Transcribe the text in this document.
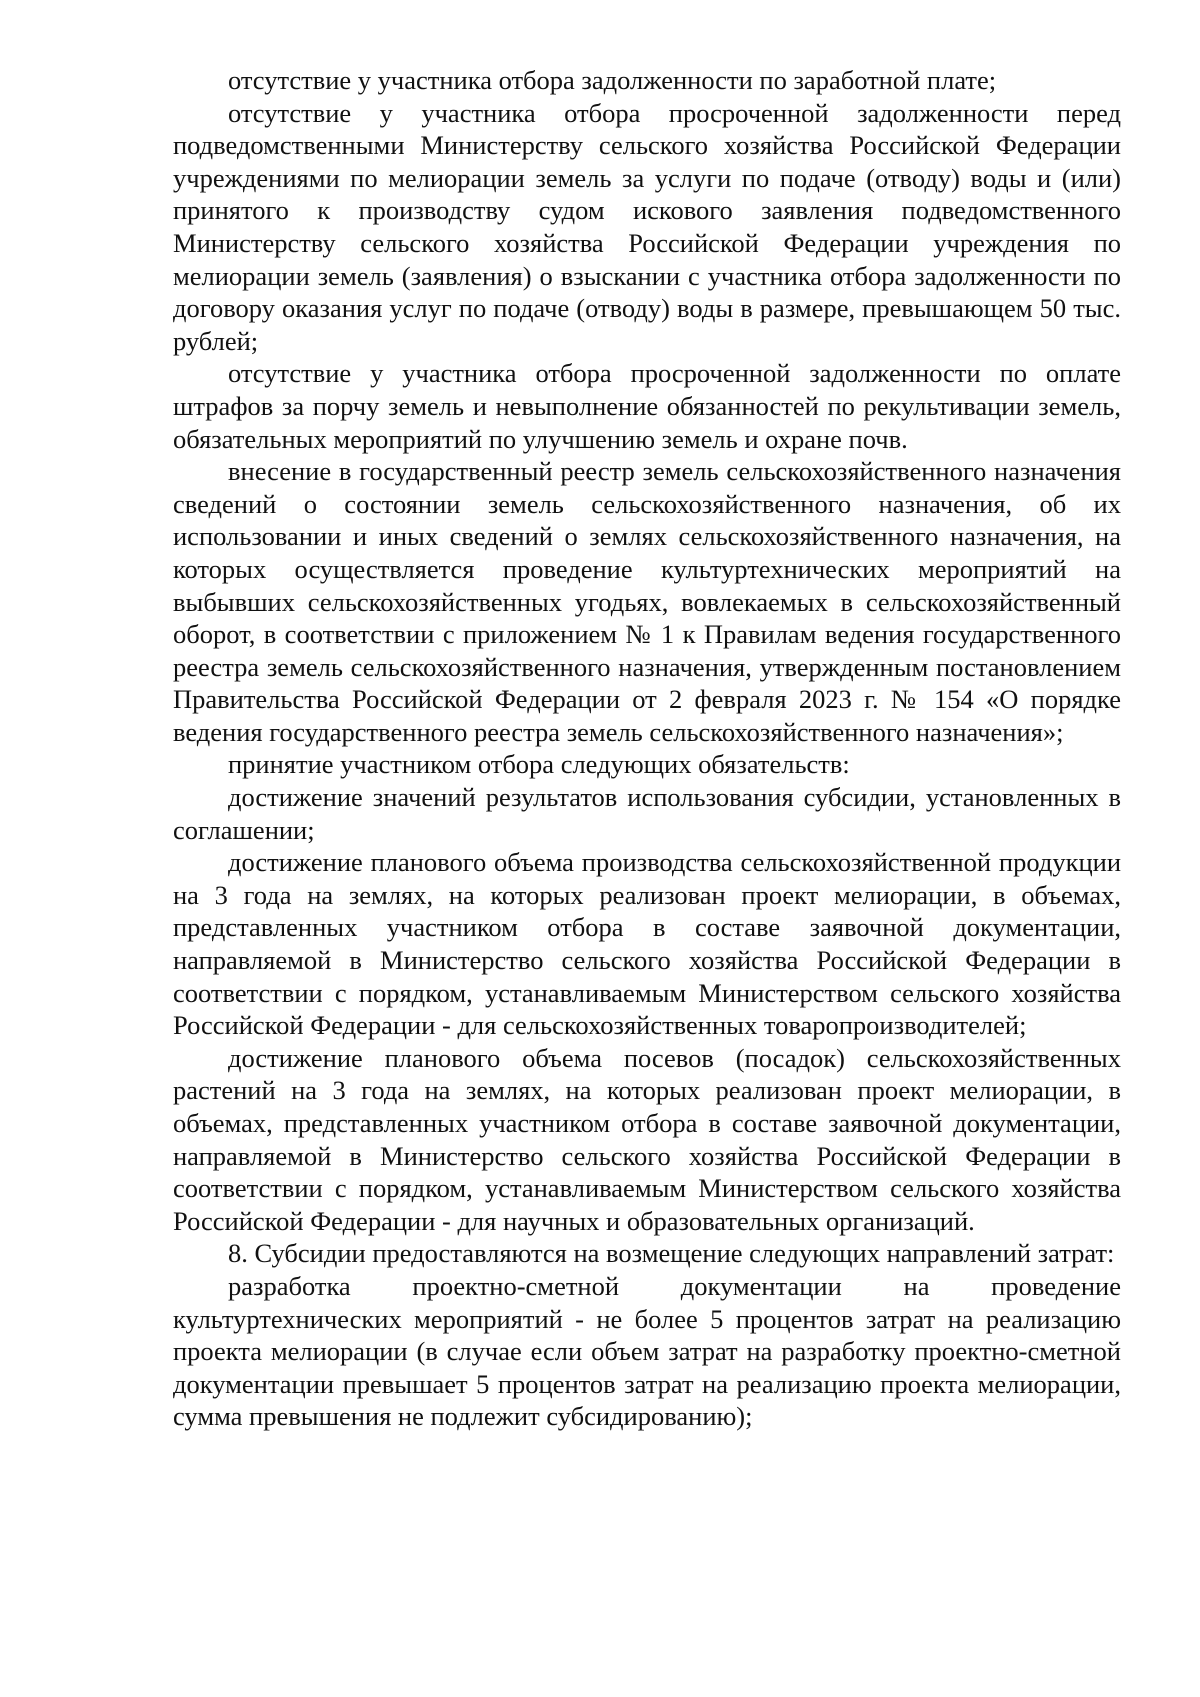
отсутствие у участника отбора задолженности по заработной плате;

отсутствие у участника отбора просроченной задолженности перед подведомственными Министерству сельского хозяйства Российской Федерации учреждениями по мелиорации земель за услуги по подаче (отводу) воды и (или) принятого к производству судом искового заявления подведомственного Министерству сельского хозяйства Российской Федерации учреждения по мелиорации земель (заявления) о взыскании с участника отбора задолженности по договору оказания услуг по подаче (отводу) воды в размере, превышающем 50 тыс. рублей;

отсутствие у участника отбора просроченной задолженности по оплате штрафов за порчу земель и невыполнение обязанностей по рекультивации земель, обязательных мероприятий по улучшению земель и охране почв.

внесение в государственный реестр земель сельскохозяйственного назначения сведений о состоянии земель сельскохозяйственного назначения, об их использовании и иных сведений о землях сельскохозяйственного назначения, на которых осуществляется проведение культуртехнических мероприятий на выбывших сельскохозяйственных угодьях, вовлекаемых в сельскохозяйственный оборот, в соответствии с приложением № 1 к Правилам ведения государственного реестра земель сельскохозяйственного назначения, утвержденным постановлением Правительства Российской Федерации от 2 февраля 2023 г. № 154 «О порядке ведения государственного реестра земель сельскохозяйственного назначения»;

принятие участником отбора следующих обязательств:

достижение значений результатов использования субсидии, установленных в соглашении;

достижение планового объема производства сельскохозяйственной продукции на 3 года на землях, на которых реализован проект мелиорации, в объемах, представленных участником отбора в составе заявочной документации, направляемой в Министерство сельского хозяйства Российской Федерации в соответствии с порядком, устанавливаемым Министерством сельского хозяйства Российской Федерации - для сельскохозяйственных товаропроизводителей;

достижение планового объема посевов (посадок) сельскохозяйственных растений на 3 года на землях, на которых реализован проект мелиорации, в объемах, представленных участником отбора в составе заявочной документации, направляемой в Министерство сельского хозяйства Российской Федерации в соответствии с порядком, устанавливаемым Министерством сельского хозяйства Российской Федерации - для научных и образовательных организаций.

8. Субсидии предоставляются на возмещение следующих направлений затрат:

разработка проектно-сметной документации на проведение культуртехнических мероприятий - не более 5 процентов затрат на реализацию проекта мелиорации (в случае если объем затрат на разработку проектно-сметной документации превышает 5 процентов затрат на реализацию проекта мелиорации, сумма превышения не подлежит субсидированию);
